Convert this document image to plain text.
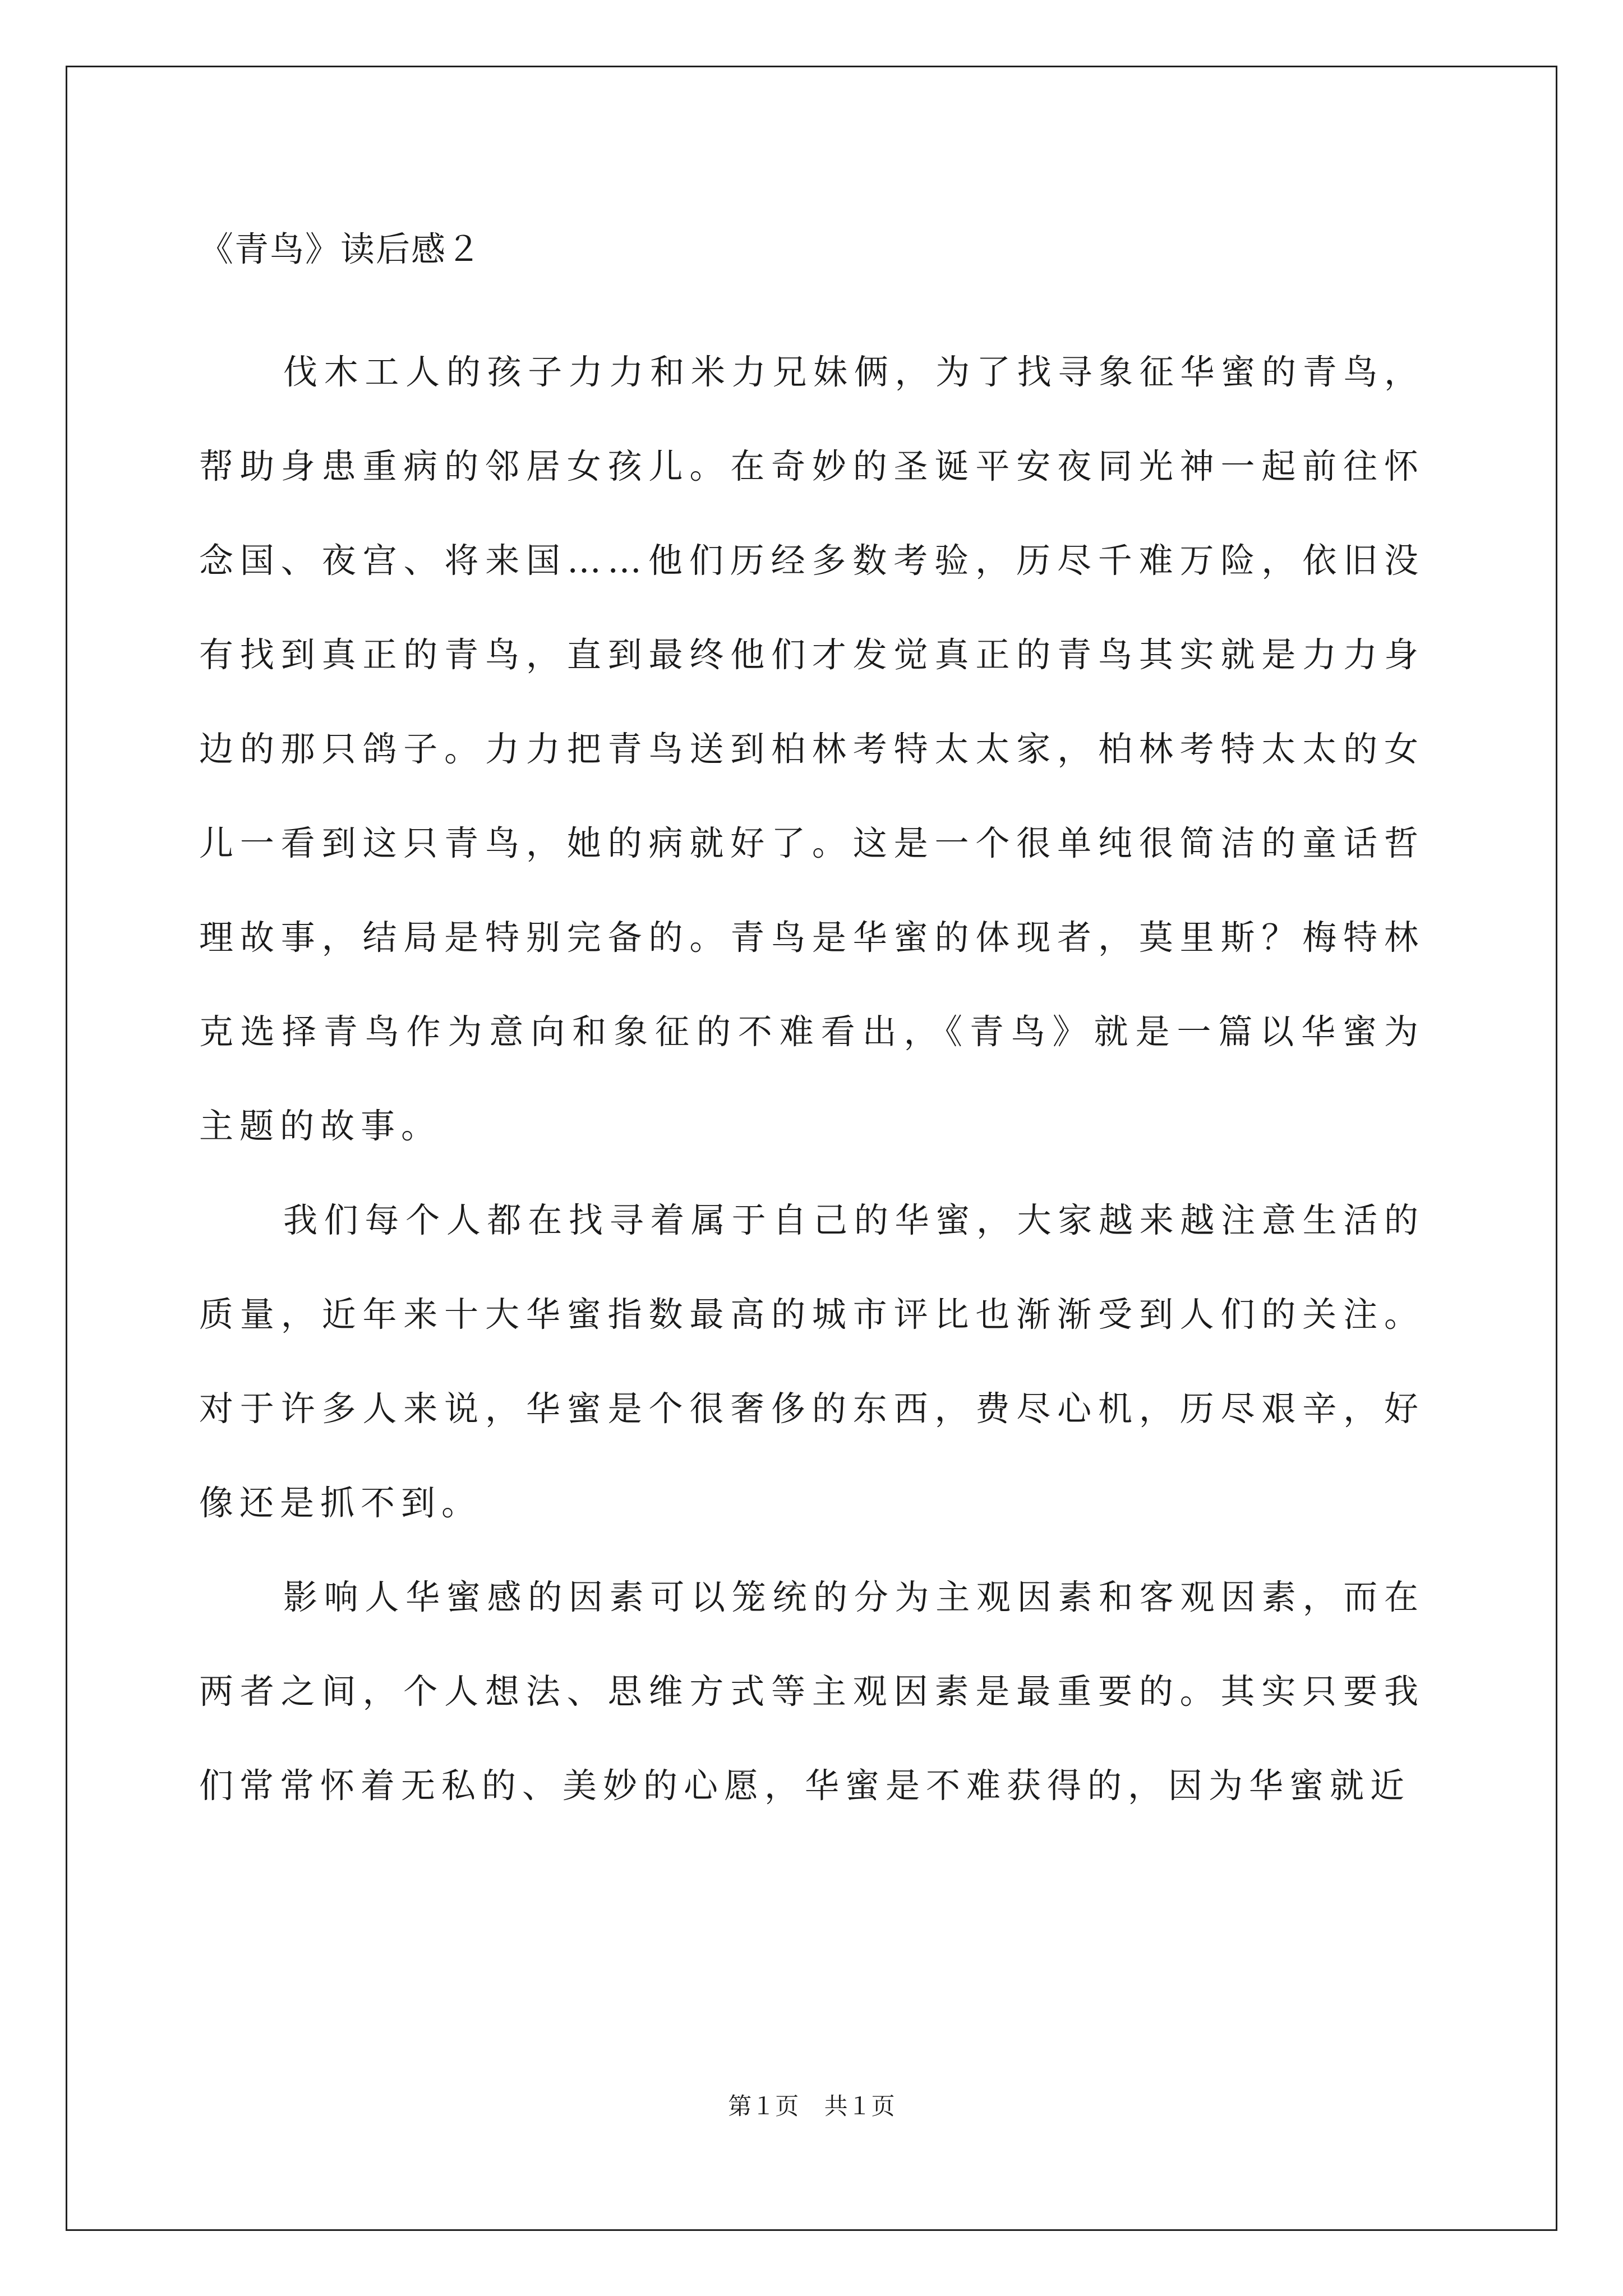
《青鸟》读后感２

伐木工人的孩子力力和米力兄妹俩，为了找寻象征华蜜的青鸟，帮助身患重病的邻居女孩儿。在奇妙的圣诞平安夜同光神一起前往怀念国、夜宫、将来国……他们历经多数考验，历尽千难万险，依旧没有找到真正的青鸟，直到最终他们才发觉真正的青鸟其实就是力力身边的那只鸽子。力力把青鸟送到柏林考特太太家，柏林考特太太的女儿一看到这只青鸟，她的病就好了。这是一个很单纯很简洁的童话哲理故事，结局是特别完备的。青鸟是华蜜的体现者，莫里斯？梅特林克选择青鸟作为意向和象征的不难看出，《青鸟》就是一篇以华蜜为主题的故事。

我们每个人都在找寻着属于自己的华蜜，大家越来越注意生活的质量，近年来十大华蜜指数最高的城市评比也渐渐受到人们的关注。对于许多人来说，华蜜是个很奢侈的东西，费尽心机，历尽艰辛，好像还是抓不到。

影响人华蜜感的因素可以笼统的分为主观因素和客观因素，而在两者之间，个人想法、思维方式等主观因素是最重要的。其实只要我们常常怀着无私的、美妙的心愿，华蜜是不难获得的，因为华蜜就近

第１页 共１页
